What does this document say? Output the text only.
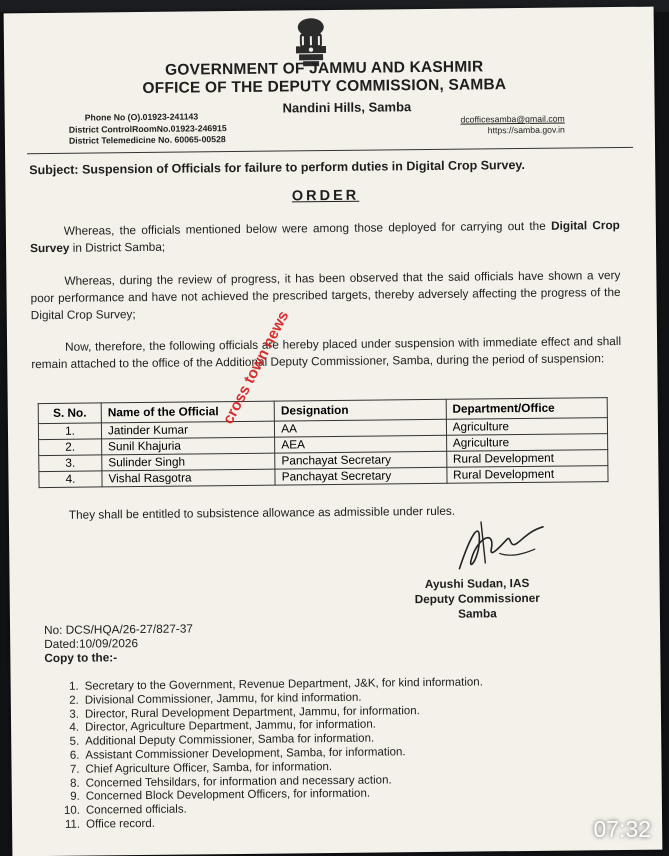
GOVERNMENT OF JAMMU AND KASHMIR
OFFICE OF THE DEPUTY COMMISSION, SAMBA
Nandini Hills, Samba
Phone No (O).01923-241143
District ControlRoomNo.01923-246915
District Telemedicine No. 60065-00528
dcofficesamba@gmail.com
https://samba.gov.in
Subject: Suspension of Officials for failure to perform duties in Digital Crop Survey.
ORDER
Whereas, the officials mentioned below were among those deployed for carrying out the Digital Crop Survey in District Samba;
Whereas, during the review of progress, it has been observed that the said officials have shown a very poor performance and have not achieved the prescribed targets, thereby adversely affecting the progress of the Digital Crop Survey;
Now, therefore, the following officials are hereby placed under suspension with immediate effect and shall remain attached to the office of the Additional Deputy Commissioner, Samba, during the period of suspension:
S. No.	Name of the Official	Designation	Department/Office
1.	Jatinder Kumar	AA	Agriculture
2.	Sunil Khajuria	AEA	Agriculture
3.	Sulinder Singh	Panchayat Secretary	Rural Development
4.	Vishal Rasgotra	Panchayat Secretary	Rural Development
cross town news
They shall be entitled to subsistence allowance as admissible under rules.
Ayushi Sudan, IAS
Deputy Commissioner
Samba
No: DCS/HQA/26-27/827-37
Dated:10/09/2026
Copy to the:-
1. Secretary to the Government, Revenue Department, J&K, for kind information.
2. Divisional Commissioner, Jammu, for kind information.
3. Director, Rural Development Department, Jammu, for information.
4. Director, Agriculture Department, Jammu, for information.
5. Additional Deputy Commissioner, Samba for information.
6. Assistant Commissioner Development, Samba, for information.
7. Chief Agriculture Officer, Samba, for information.
8. Concerned Tehsildars, for information and necessary action.
9. Concerned Block Development Officers, for information.
10. Concerned officials.
11. Office record.	07:32
